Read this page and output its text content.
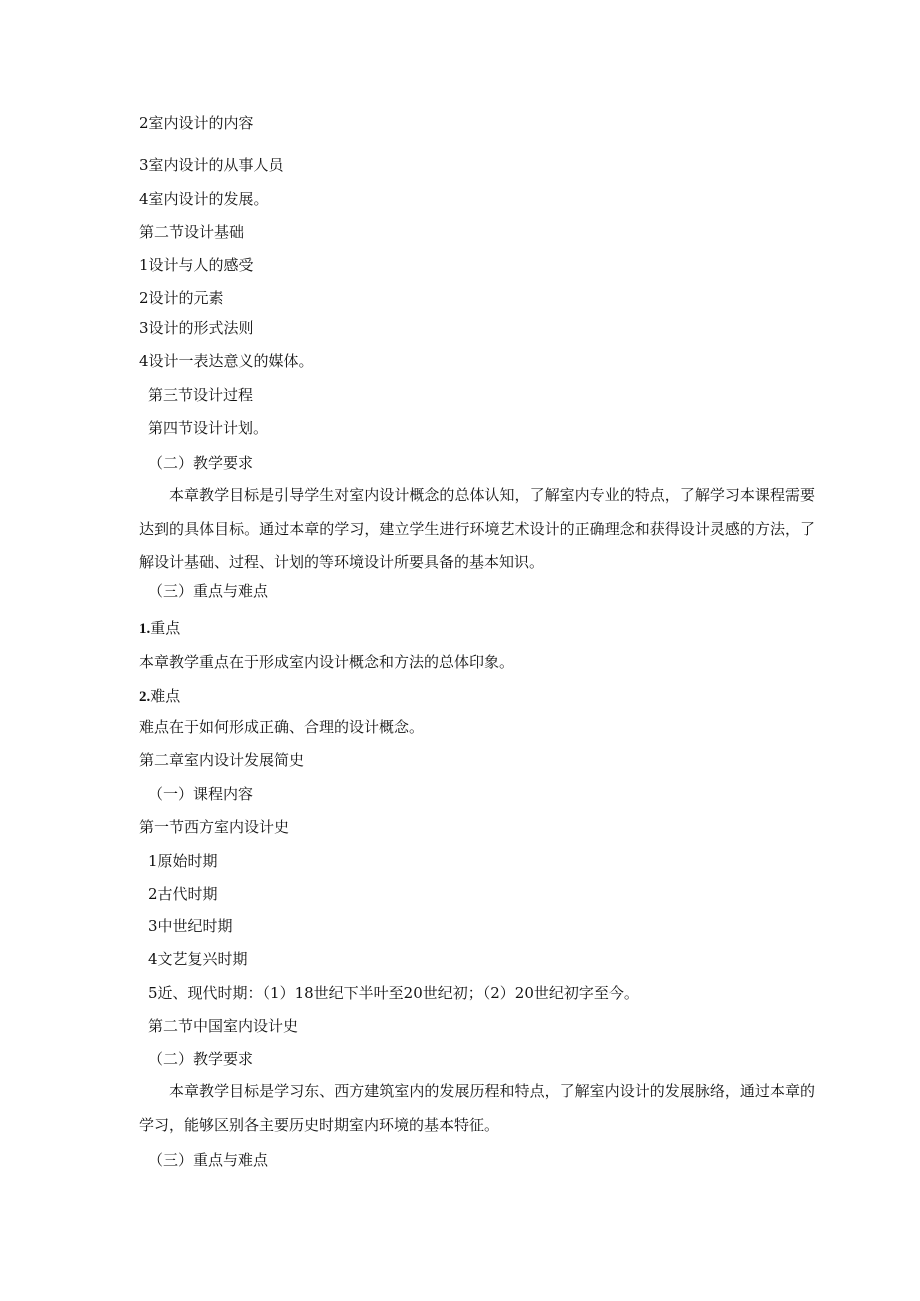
2室内设计的内容
3室内设计的从事人员
4室内设计的发展。
第二节设计基础
1设计与人的感受
2设计的元素
3设计的形式法则
4设计一表达意义的媒体。
第三节设计过程
第四节设计计划。
（二）教学要求
本章教学目标是引导学生对室内设计概念的总体认知，了解室内专业的特点，了解学习本课程需要达到的具体目标。通过本章的学习，建立学生进行环境艺术设计的正确理念和获得设计灵感的方法，了解设计基础、过程、计划的等环境设计所要具备的基本知识。
（三）重点与难点
1.重点
本章教学重点在于形成室内设计概念和方法的总体印象。
2.难点
难点在于如何形成正确、合理的设计概念。
第二章室内设计发展简史
（一）课程内容
第一节西方室内设计史
1原始时期
2古代时期
3中世纪时期
4文艺复兴时期
5近、现代时期：（1）18世纪下半叶至20世纪初；（2）20世纪初字至今。
第二节中国室内设计史
（二）教学要求
本章教学目标是学习东、西方建筑室内的发展历程和特点，了解室内设计的发展脉络，通过本章的学习，能够区别各主要历史时期室内环境的基本特征。
（三）重点与难点
